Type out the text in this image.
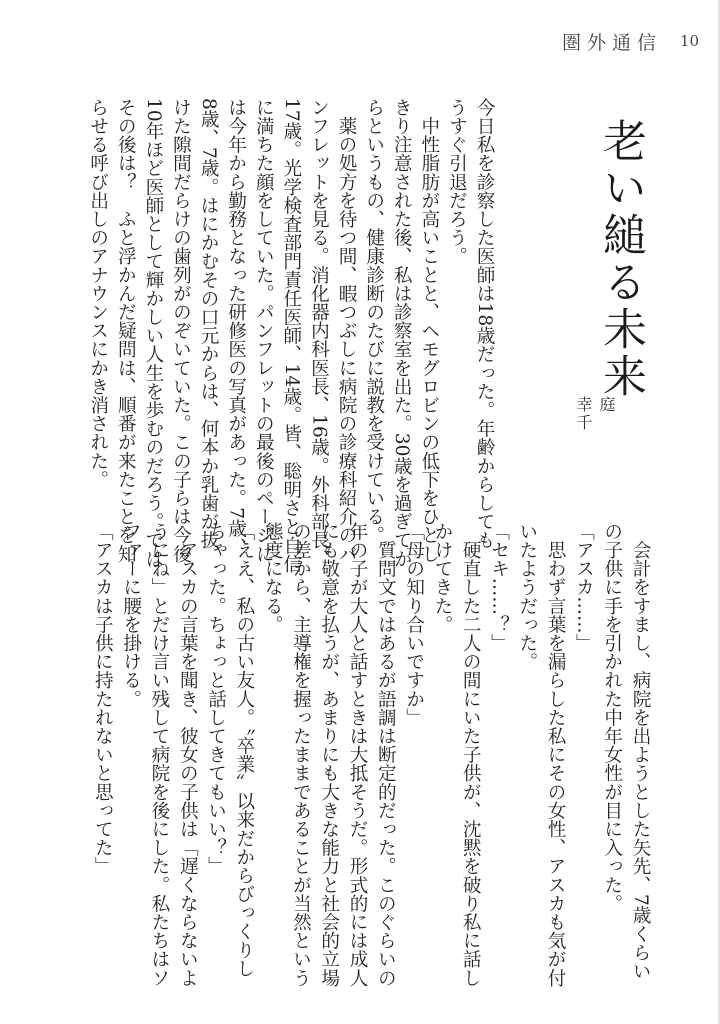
圏外通信 10
老い縋る未来
庭
幸千
今日私を診察した医師は18歳だった。年齢からしても
うすぐ引退だろう。
　中性脂肪が高いことと、ヘモグロビンの低下をひとし
きり注意された後、私は診察室を出た。30歳を過ぎてか
らというもの、健康診断のたびに説教を受けている。
　薬の処方を待つ間、暇つぶしに病院の診療科紹介のパ
ンフレットを見る。消化器内科医長、16歳。外科部長、
17歳。光学検査部門責任医師、14歳。皆、聡明さと自信
に満ちた顔をしていた。パンフレットの最後のページに
は今年から勤務となった研修医の写真があった。7歳、
8歳、7歳。はにかむその口元からは、何本か乳歯が抜
けた隙間だらけの歯列がのぞいていた。この子らは今後
10年ほど医師として輝かしい人生を歩むのだろう。では
その後は？　ふと浮かんだ疑問は、順番が来たことを知
らせる呼び出しのアナウンスにかき消された。
　会計をすまし、病院を出ようとした矢先、7歳くらい
の子供に手を引かれた中年女性が目に入った。
「アスカ……」
　思わず言葉を漏らした私にその女性、アスカも気が付
いたようだった。
「セキ……？」
　硬直した二人の間にいた子供が、沈黙を破り私に話し
かけてきた。
「母の知り合いですか」
　質問文ではあるが語調は断定的だった。このぐらいの
年の子が大人と話すときは大抵そうだ。形式的には成人
にも敬意を払うが、あまりにも大きな能力と社会的立場
の差から、主導権を握ったままであることが当然という
態度になる。
「ええ、私の古い友人。〝卒業〟以来だからびっくりし
ちゃった。ちょっと話してきてもいい？」
　アスカの言葉を聞き、彼女の子供は「遅くならないよ
うにね」とだけ言い残して病院を後にした。私たちはソ
ファーに腰を掛ける。
「アスカは子供に持たれないと思ってた」
